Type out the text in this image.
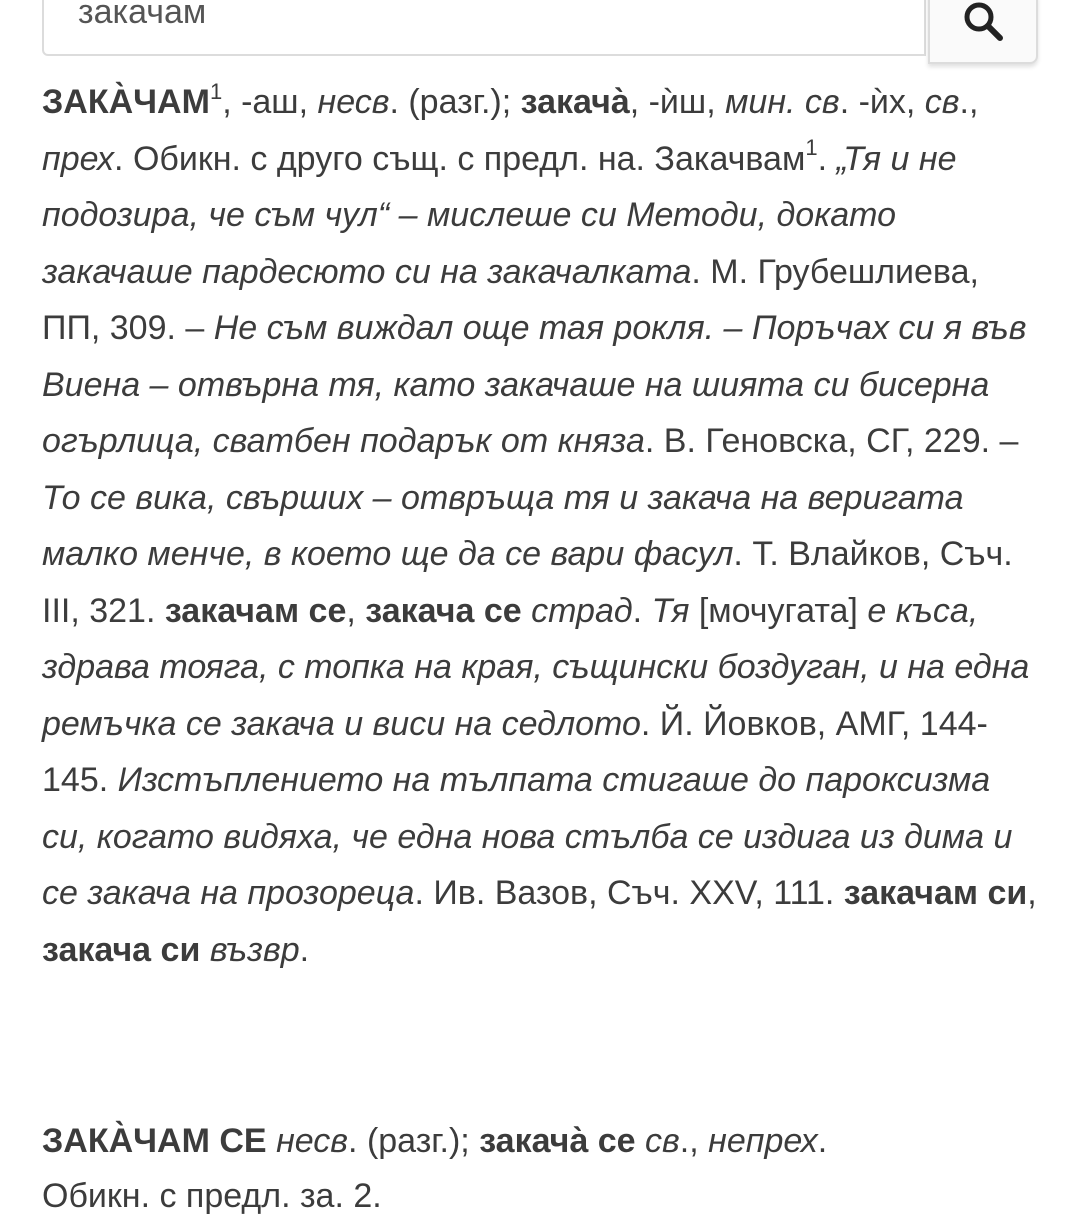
закачам

ЗАКА̀ЧАМ$^1$, -аш, несв. (разг.); закача̀, -ѝш, мин. св. -ѝх, св., прех. Обикн. с друго същ. с предл. на. Закачвам$^1$. „Тя и не подозира, че съм чул“ – мислеше си Методи, докато закачаше пардесюто си на закачалката. М. Грубешлиева, ПП, 309. – Не съм виждал още тая рокля. – Поръчах си я във Виена – отвърна тя, като закачаше на шията си бисерна огърлица, сватбен подарък от княза. В. Геновска, СГ, 229. – То се вика, свърших – отвръща тя и закача на веригата малко менче, в което ще да се вари фасул. Т. Влайков, Съч. III, 321. закачам се, закача се страд. Тя [мочугата] е къса, здрава тояга, с топка на края, същински боздуган, и на една ремъчка се закача и виси на седлото. Й. Йовков, АМГ, 144-145. Изстъплението на тълпата стигаше до пароксизма си, когато видяха, че една нова стълба се издига из дима и се закача на прозореца. Ив. Вазов, Съч. XXV, 111. закачам си, закача си възвр.

ЗАКА̀ЧАМ СЕ несв. (разг.); закача̀ се св., непрех.

Обикн. с предл. за. 2.
